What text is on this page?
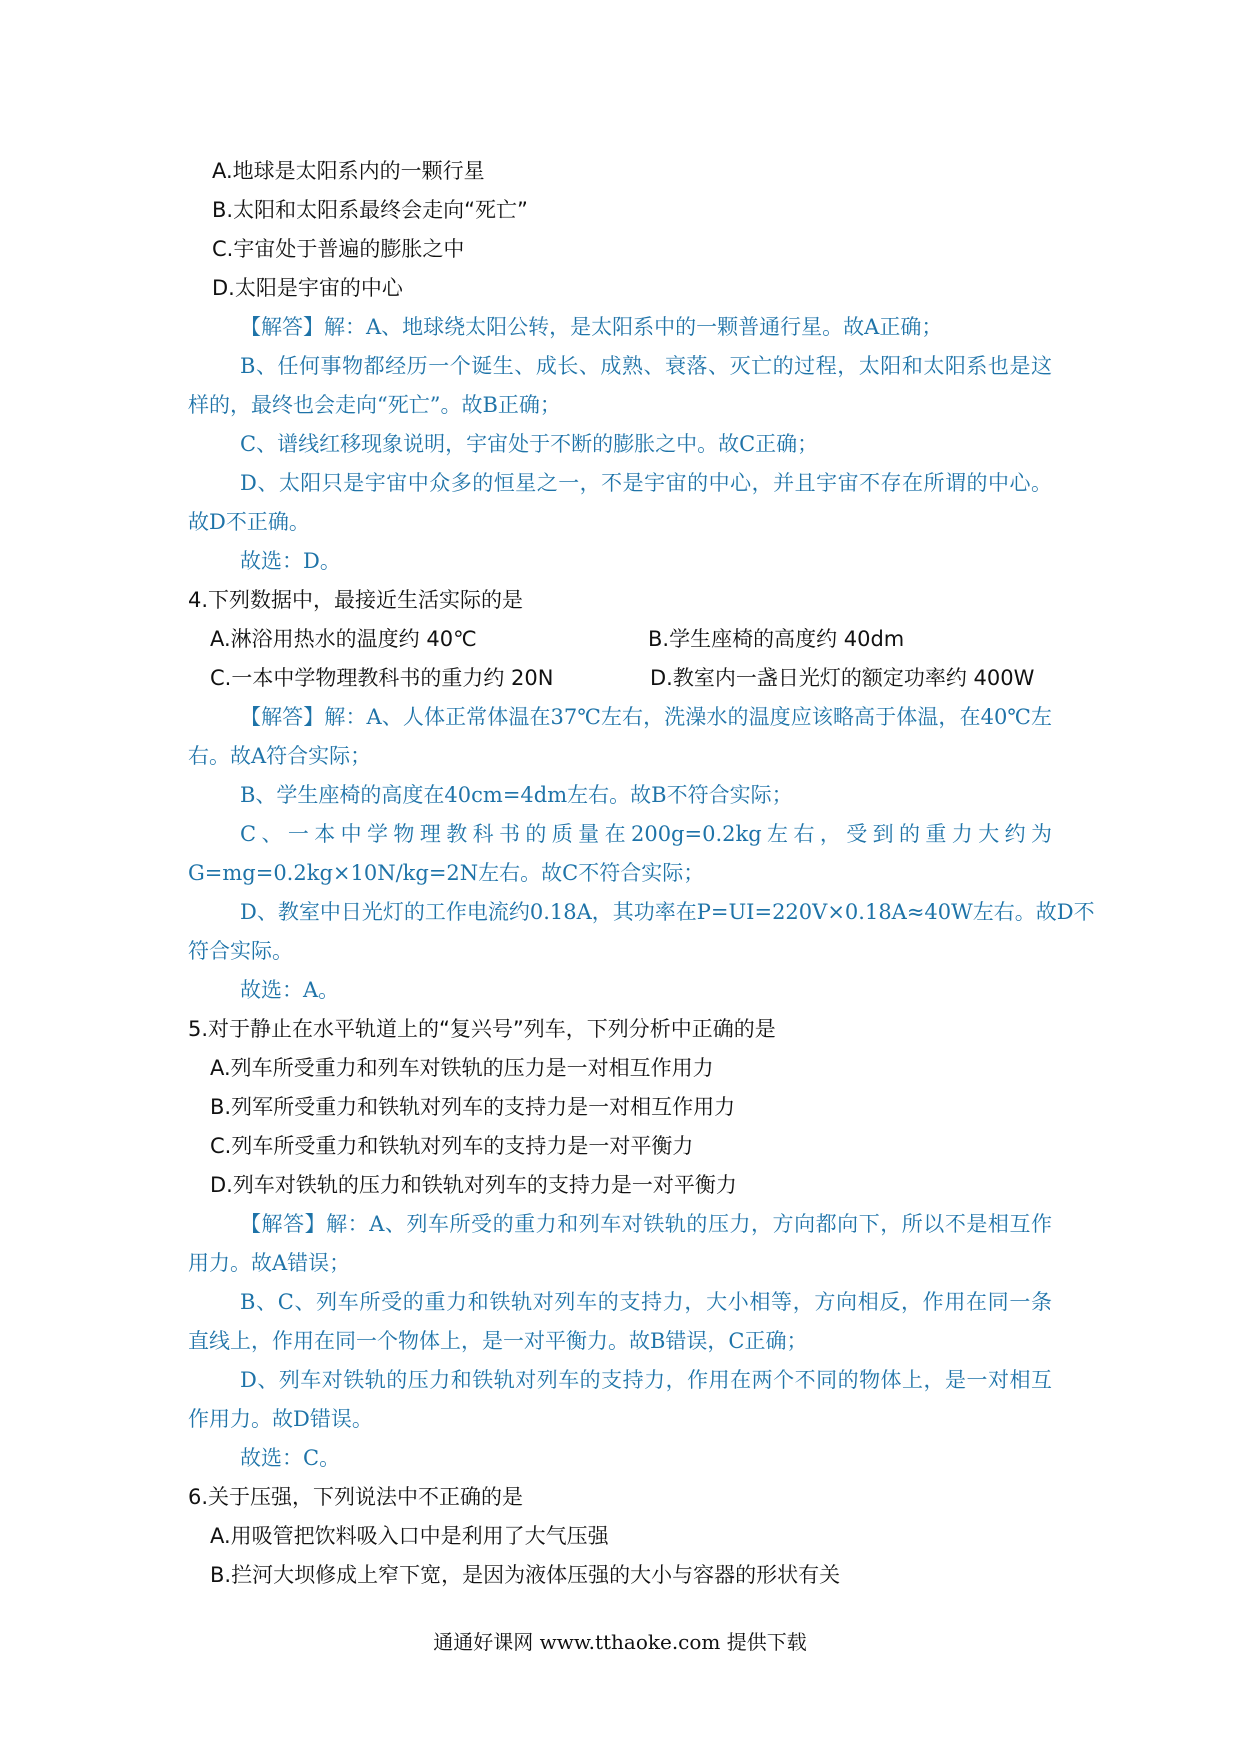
A.地球是太阳系内的一颗行星
B.太阳和太阳系最终会走向“死亡”
C.宇宙处于普遍的膨胀之中
D.太阳是宇宙的中心
【解答】解：A、地球绕太阳公转，是太阳系中的一颗普通行星。故A正确；
B、任何事物都经历一个诞生、成长、成熟、衰落、灭亡的过程，太阳和太阳系也是这
样的，最终也会走向“死亡”。故B正确；
C、谱线红移现象说明，宇宙处于不断的膨胀之中。故C正确；
D、太阳只是宇宙中众多的恒星之一，不是宇宙的中心，并且宇宙不存在所谓的中心。
故D不正确。
故选：D。
4.下列数据中，最接近生活实际的是
A.淋浴用热水的温度约 40℃	B.学生座椅的高度约 40dm
C.一本中学物理教科书的重力约 20N	D.教室内一盏日光灯的额定功率约 400W
【解答】解：A、人体正常体温在37℃左右，洗澡水的温度应该略高于体温，在40℃左
右。故A符合实际；
B、学生座椅的高度在40cm=4dm左右。故B不符合实际；
C、一本中学物理教科书的质量在200g=0.2kg左右，受到的重力大约为
G=mg=0.2kg×10N/kg=2N左右。故C不符合实际；
D、教室中日光灯的工作电流约0.18A，其功率在P=UI=220V×0.18A≈40W左右。故D不
符合实际。
故选：A。
5.对于静止在水平轨道上的“复兴号”列车，下列分析中正确的是
A.列车所受重力和列车对铁轨的压力是一对相互作用力
B.列军所受重力和铁轨对列车的支持力是一对相互作用力
C.列车所受重力和铁轨对列车的支持力是一对平衡力
D.列车对铁轨的压力和铁轨对列车的支持力是一对平衡力
【解答】解：A、列车所受的重力和列车对铁轨的压力，方向都向下，所以不是相互作
用力。故A错误；
B、C、列车所受的重力和铁轨对列车的支持力，大小相等，方向相反，作用在同一条
直线上，作用在同一个物体上，是一对平衡力。故B错误，C正确；
D、列车对铁轨的压力和铁轨对列车的支持力，作用在两个不同的物体上，是一对相互
作用力。故D错误。
故选：C。
6.关于压强，下列说法中不正确的是
A.用吸管把饮料吸入口中是利用了大气压强
B.拦河大坝修成上窄下宽，是因为液体压强的大小与容器的形状有关
通通好课网 www.tthaoke.com 提供下载
